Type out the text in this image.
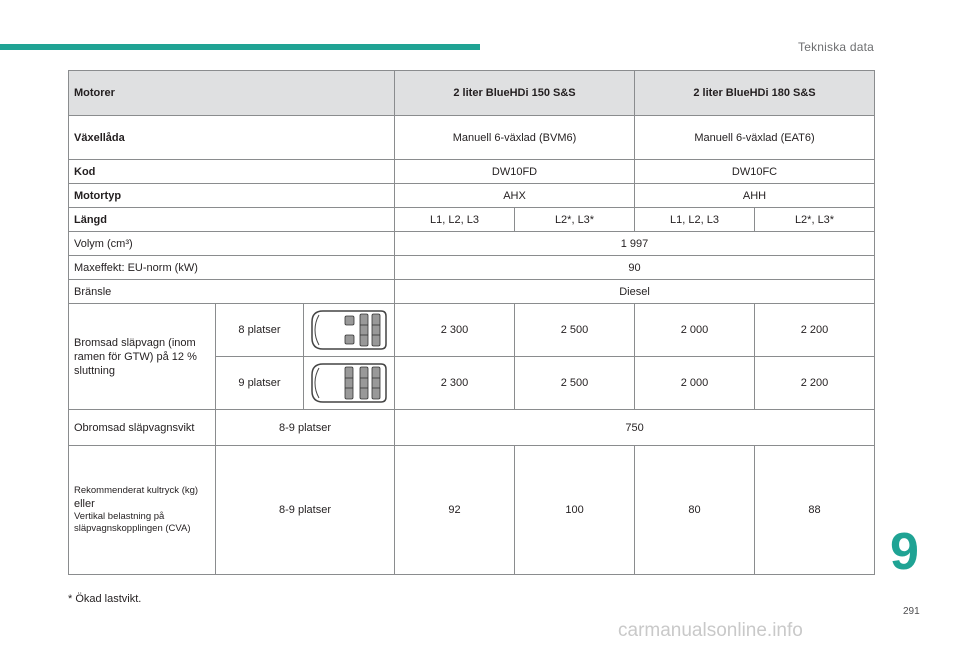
Tekniska data
Motorer			2 liter BlueHDi 150 S&S		2 liter BlueHDi 180 S&S	
Växellåda			Manuell 6-växlad (BVM6)		Manuell 6-växlad (EAT6)	
Kod			DW10FD		DW10FC	
Motortyp			AHX		AHH	
Längd			L1, L2, L3	L2*, L3*	L1, L2, L3	L2*, L3*
Volym (cm³)			1 997			
Maxeffekt: EU-norm (kW)			90			
Bränsle			Diesel			
Bromsad släpvagn (inom ramen för GTW) på 12 % sluttning	8 platser		2 300	2 500	2 000	2 200
	9 platser		2 300	2 500	2 000	2 200
Obromsad släpvagnsvikt	8-9 platser		750			

Rekommenderat kultryck (kg)
eller
Vertikal belastning på släpvagnskopplingen (CVA)	8-9 platser		92	100	80	88
* Ökad lastvikt.
9
291
carmanualsonline.info
